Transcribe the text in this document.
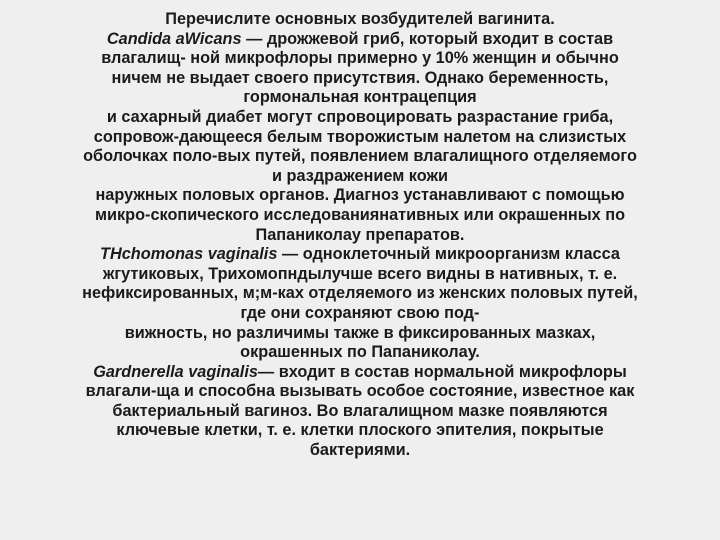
Перечислите основных возбудителей вагинита.
Candida aWicans — дрожжевой гриб, который входит в состав
влагалищ- ной микрофлоры примерно у 10% женщин и обычно
ничем не выдает своего присутствия. Однако беременность,
гормональная контрацепция
и сахарный диабет могут спровоцировать разрастание гриба,
сопровож-дающееся белым творожистым налетом на слизистых
оболочках поло-вых путей, появлением влагалищного отделяемого
и раздражением кожи
наружных половых органов. Диагноз устанавливают с помощью
микро-скопического исследованиянативных или окрашенных по
Папаниколау препаратов.
THchomonas vaginalis — одноклеточный микроорганизм класса
жгутиковых, Трихомопндылучше всего видны в нативных, т. е.
нефиксированных, м;м-ках отделяемого из женских половых путей,
где они сохраняют свою под-
вижность, но различимы также в фиксированных мазках,
окрашенных по Папаниколау.
Gardnerella vaginalis— входит в состав нормальной микрофлоры
влагали-ща и способна вызывать особое состояние, известное как
бактериальный вагиноз. Во влагалищном мазке появляются
ключевые клетки, т. е. клетки плоского эпителия, покрытые
бактериями.
